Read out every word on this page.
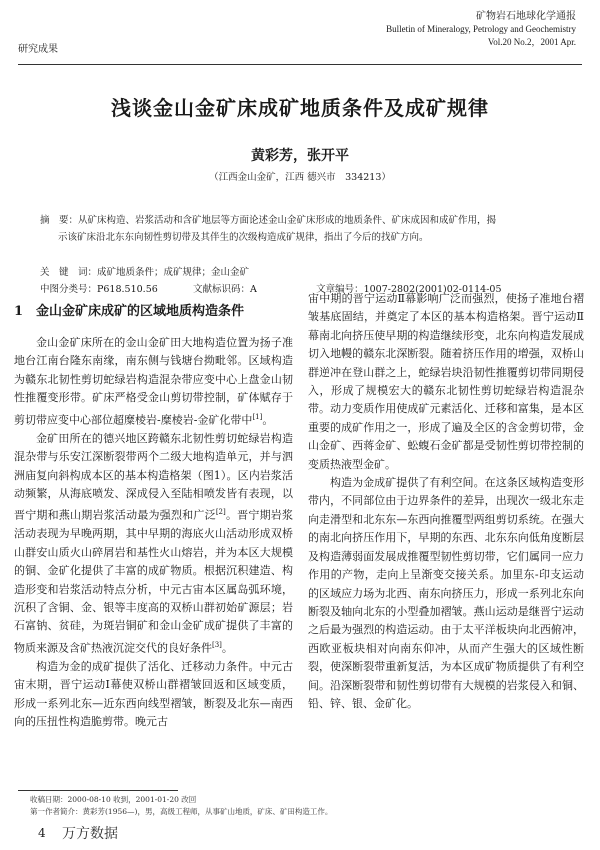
研究成果
矿物岩石地球化学通报
Bulletin of Mineralogy, Petrology and Geochemistry
Vol.20 No.2，2001 Apr.
浅谈金山金矿床成矿地质条件及成矿规律
黄彩芳，张开平
（江西金山金矿，江西 德兴市　334213）

摘　要：从矿床构造、岩浆活动和含矿地层等方面论述金山金矿床形成的地质条件、矿床成因和成矿作用，揭

示该矿床沿北东东向韧性剪切带及其伴生的次级构造成矿规律，指出了今后的找矿方向。

关　键　词：成矿地质条件；成矿规律；金山金矿
中图分类号：P618.510.56	文献标识码：A	文章编号：1007-2802(2001)02-0114-05
1　金山金矿床成矿的区域地质构造条件

金山金矿床所在的金山金矿田大地构造位置为扬子准地台江南台隆东南缘，南东侧与钱塘台拗毗邻。区域构造为赣东北韧性剪切蛇绿岩构造混杂带应变中心上盘金山韧性推覆变形带。矿床严格受金山剪切带控制，矿体赋存于剪切带应变中心部位超糜棱岩-糜棱岩-金矿化带中[1]。

金矿田所在的德兴地区跨赣东北韧性剪切蛇绿岩构造混杂带与乐安江深断裂带两个二级大地构造单元，并与泗洲庙复向斜构成本区的基本构造格架（图1）。区内岩浆活动频繁，从海底喷发、深成侵入至陆相喷发皆有表现，以晋宁期和燕山期岩浆活动最为强烈和广泛[2]。晋宁期岩浆活动表现为早晚两期，其中早期的海底火山活动形成双桥山群安山质火山碎屑岩和基性火山熔岩，并为本区大规模的铜、金矿化提供了丰富的成矿物质。根据沉积建造、构造形变和岩浆活动特点分析，中元古宙本区属岛弧环境，沉积了含铜、金、银等丰度高的双桥山群初始矿源层；岩石富钠、贫硅，为斑岩铜矿和金山金矿成矿提供了丰富的物质来源及含矿热液沉淀交代的良好条件[3]。

构造为金的成矿提供了活化、迁移动力条件。中元古宙末期，晋宁运动Ⅰ幕使双桥山群褶皱回返和区域变质，形成一系列北东—近东西向线型褶皱，断裂及北东—南西向的压扭性构造脆剪带。晚元古

宙中期的晋宁运动Ⅱ幕影响广泛而强烈，使扬子准地台褶皱基底固结，并奠定了本区的基本构造格架。晋宁运动Ⅱ幕南北向挤压使早期的构造继续形变，北东向构造发展成切入地幔的赣东北深断裂。随着挤压作用的增强，双桥山群逆冲在登山群之上，蛇绿岩块沿韧性推覆剪切带同期侵入，形成了规模宏大的赣东北韧性剪切蛇绿岩构造混杂带。动力变质作用使成矿元素活化、迁移和富集，是本区重要的成矿作用之一，形成了遍及全区的含金剪切带，金山金矿、西蒋金矿、蚣蝮石金矿都是受韧性剪切带控制的变质热液型金矿。

构造为金成矿提供了有利空间。在这条区域构造变形带内，不同部位由于边界条件的差异，出现次一级北东走向走滑型和北东东—东西向推覆型两组剪切系统。在强大的南北向挤压作用下，早期的东西、北东东向低角度断层及构造薄弱面发展成推覆型韧性剪切带，它们属同一应力作用的产物，走向上呈渐变交接关系。加里东-印支运动的区域应力场为北西、南东向挤压力，形成一系列北东向断裂及轴向北东的小型叠加褶皱。燕山运动是继晋宁运动之后最为强烈的构造运动。由于太平洋板块向北西俯冲，西欧亚板块相对向南东仰冲，从而产生强大的区域性断裂，使深断裂带重新复活，为本区成矿物质提供了有利空间。沿深断裂带和韧性剪切带有大规模的岩浆侵入和铜、铅、锌、银、金矿化。

收稿日期：2000-08-10 收到，2001-01-20 改回
第一作者简介：黄彩芳(1956—)，男，高级工程师，从事矿山地质，矿床、矿田构造工作。
4 万方数据
